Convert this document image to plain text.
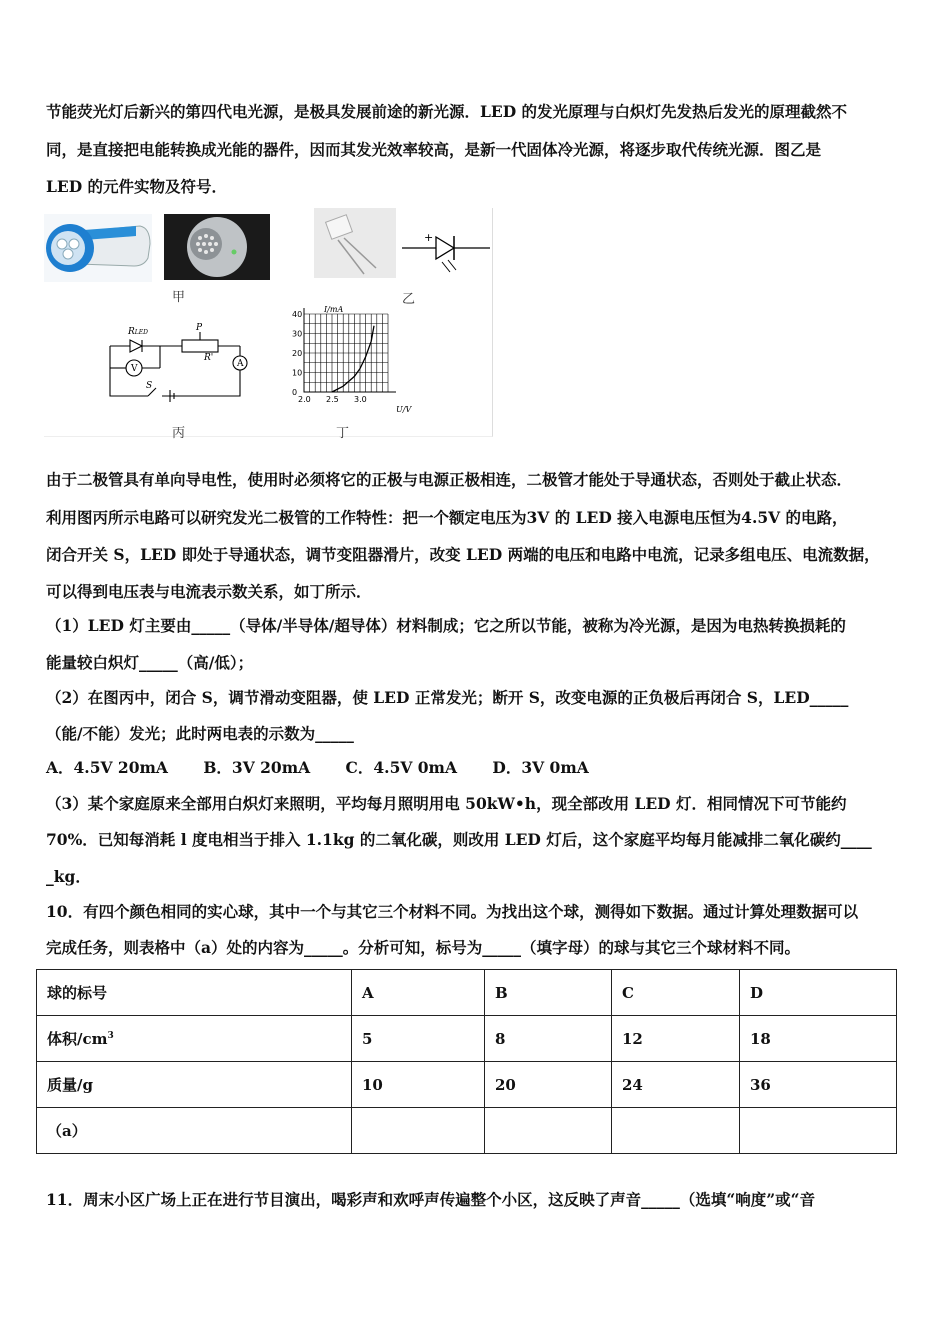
节能荧光灯后新兴的第四代电光源，是极具发展前途的新光源．LED 的发光原理与白炽灯先发热后发光的原理截然不
同，是直接把电能转换成光能的器件，因而其发光效率较高，是新一代固体冷光源，将逐步取代传统光源．图乙是
LED 的元件实物及符号．
+
甲	乙
RLED	P
R'
V	A
S
2.0 2.5 3.0
0
10
20
30
40
I/mA
U/V
丙	丁
由于二极管具有单向导电性，使用时必须将它的正极与电源正极相连，二极管才能处于导通状态，否则处于截止状态．
利用图丙所示电路可以研究发光二极管的工作特性：把一个额定电压为3V 的 LED 接入电源电压恒为4.5V 的电路，
闭合开关 S，LED 即处于导通状态，调节变阻器滑片，改变 LED 两端的电压和电路中电流，记录多组电压、电流数据，
可以得到电压表与电流表示数关系，如丁所示．
（1）LED 灯主要由_____（导体/半导体/超导体）材料制成；它之所以节能，被称为冷光源，是因为电热转换损耗的
能量较白炽灯_____（高/低）；
（2）在图丙中，闭合 S，调节滑动变阻器，使 LED 正常发光；断开 S，改变电源的正负极后再闭合 S，LED_____
（能/不能）发光；此时两电表的示数为_____
A．4.5V 20mA B．3V 20mA C．4.5V 0mA D．3V 0mA
（3）某个家庭原来全部用白炽灯来照明，平均每月照明用电 50kW•h，现全部改用 LED 灯．相同情况下可节能约
70%．已知每消耗 l 度电相当于排入 1.1kg 的二氧化碳，则改用 LED 灯后，这个家庭平均每月能减排二氧化碳约____
_kg．
10．有四个颜色相同的实心球，其中一个与其它三个材料不同。为找出这个球，测得如下数据。通过计算处理数据可以
完成任务，则表格中（a）处的内容为_____。分析可知，标号为_____（填字母）的球与其它三个球材料不同。
球的标号	A	B	C	D
体积$/cm^3$	5	8	12	18
质量/g	10	20	24	36
（a）				
11．周末小区广场上正在进行节目演出，喝彩声和欢呼声传遍整个小区，这反映了声音_____（选填“响度”或“音
